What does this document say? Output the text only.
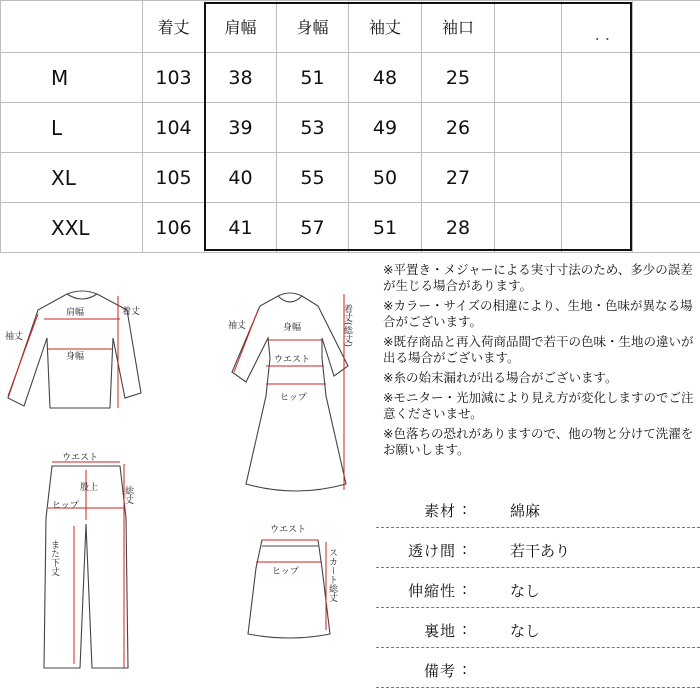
	着丈	肩幅	身幅	袖丈	袖口		. .	
M	103	38	51	48	25			
L	104	39	53	49	26			
XL	105	40	55	50	27			
XXL	106	41	57	51	28			
袖丈
肩幅
身幅
着丈
袖丈	身幅
ウエスト
ヒップ
着丈(総丈)
ウエスト
股上
ヒップ
また下丈
総丈
ウエスト
ヒップ	スカート総丈
※平置き・メジャーによる実寸寸法のため、多少の誤差が生じる場合があります。
※カラー・サイズの相違により、生地・色味が異なる場合がございます。
※既存商品と再入荷商品間で若干の色味・生地の違いが出る場合がございます。
※糸の始末漏れが出る場合がございます。
※モニター・光加減により見え方が変化しますのでご注意くださいませ。
※色落ちの恐れがありますので、他の物と分けて洗濯をお願いします。
素材 :	綿麻
透け間 :	若干あり
伸縮性 :	なし
裏地 :	なし
備考 :
